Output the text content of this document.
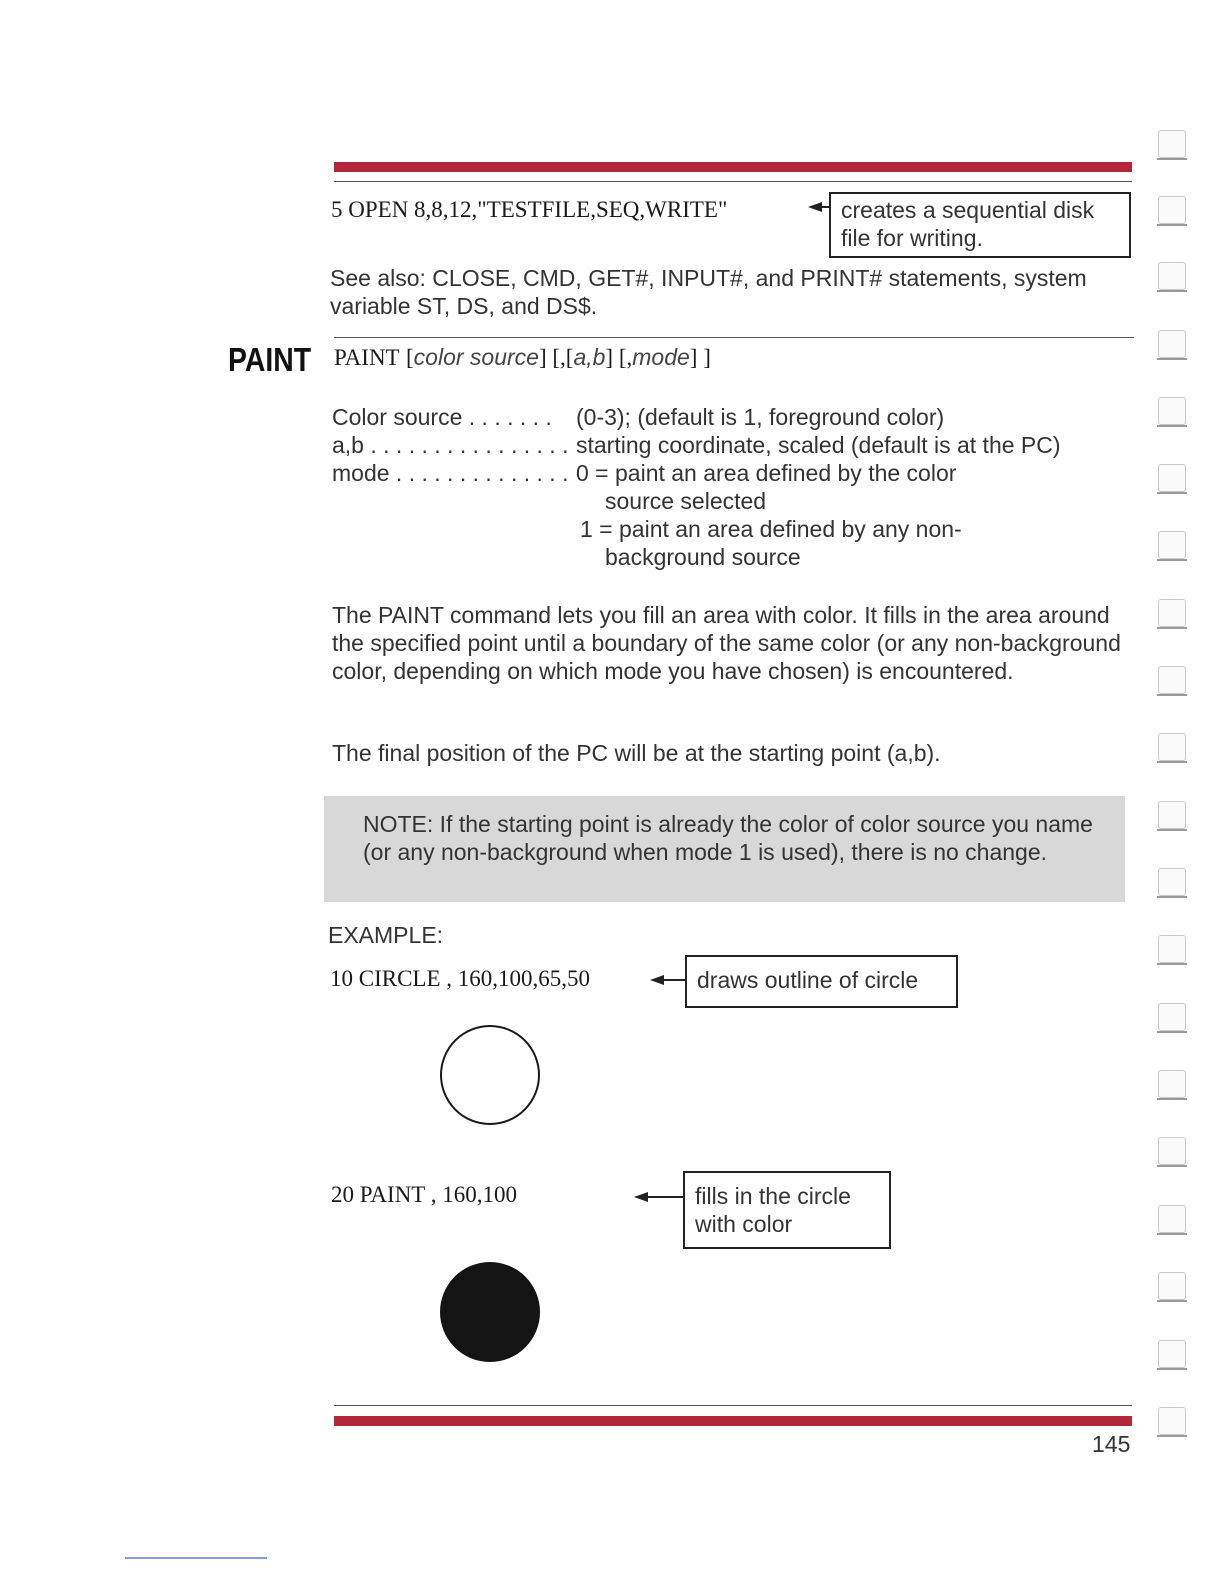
5 OPEN 8,8,12,"TESTFILE,SEQ,WRITE"	creates a sequential disk file for writing.
See also: CLOSE, CMD, GET#, INPUT#, and PRINT# statements, system variable ST, DS, and DS$.
PAINT PAINT [color source] [,[a,b] [,mode] ]
Color source . . . . . . . (0-3); (default is 1, foreground color)
a,b . . . . . . . . . . . . . . . . starting coordinate, scaled (default is at the PC)
mode . . . . . . . . . . . . . . 0 = paint an area defined by the color
source selected
1 = paint an area defined by any non-
background source
The PAINT command lets you fill an area with color. It fills in the area around the specified point until a boundary of the same color (or any non-background color, depending on which mode you have chosen) is encountered.
The final position of the PC will be at the starting point (a,b).
NOTE: If the starting point is already the color of color source you name (or any non-background when mode 1 is used), there is no change.
EXAMPLE:
10 CIRCLE , 160,100,65,50	draws outline of circle
20 PAINT , 160,100	fills in the circle with color
145
